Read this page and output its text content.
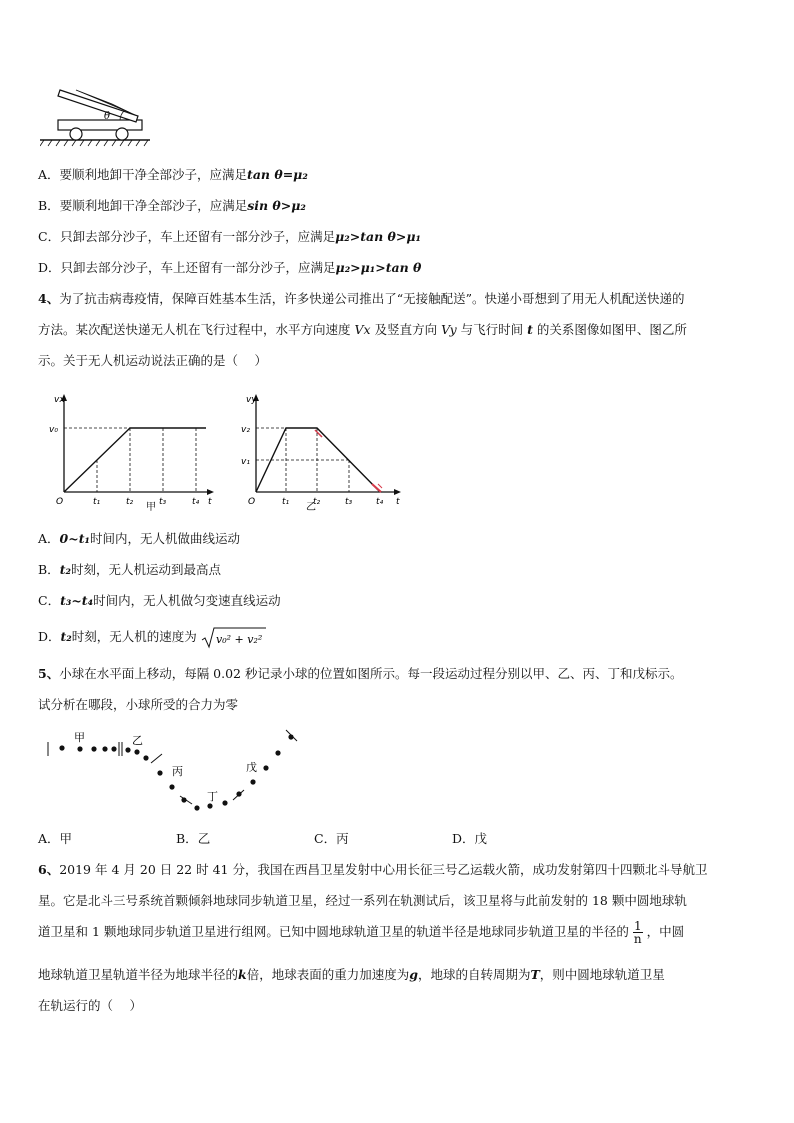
θ
A．要顺利地卸干净全部沙子，应满足tan θ=μ₂
B．要顺利地卸干净全部沙子，应满足sin θ>μ₂
C．只卸去部分沙子，车上还留有一部分沙子，应满足μ₂>tan θ>μ₁
D．只卸去部分沙子，车上还留有一部分沙子，应满足μ₂>μ₁>tan θ
4、为了抗击病毒疫情，保障百姓基本生活，许多快递公司推出了“无接触配送”。快递小哥想到了用无人机配送快递的
方法。某次配送快递无人机在飞行过程中，水平方向速度 Vx 及竖直方向 Vy 与飞行时间 t 的关系图像如图甲、图乙所
示。关于无人机运动说法正确的是（　 ）
vx
v₀
t
O	t₁	t₂	t₃	t₄
甲
vy
v₂
v₁
t
O	t₁	t₂	t₃	t₄
乙
A．0~t₁时间内，无人机做曲线运动
B．t₂时刻，无人机运动到最高点
C．t₃~t₄时间内，无人机做匀变速直线运动
D．t₂时刻，无人机的速度为 v₀² + v₂²
5、小球在水平面上移动，每隔 0.02 秒记录小球的位置如图所示。每一段运动过程分别以甲、乙、丙、丁和戊标示。
试分析在哪段，小球所受的合力为零
甲	乙
丙
丁
戊
A．甲	B．乙	C．丙	D．戊
6、2019 年 4 月 20 日 22 时 41 分，我国在西昌卫星发射中心用长征三号乙运载火箭，成功发射第四十四颗北斗导航卫
星。它是北斗三号系统首颗倾斜地球同步轨道卫星，经过一系列在轨测试后，该卫星将与此前发射的 18 颗中圆地球轨
道卫星和 1 颗地球同步轨道卫星进行组网。已知中圆地球轨道卫星的轨道半径是地球同步轨道卫星的半径的 $\frac{1}{n}$ ，中圆
地球轨道卫星轨道半径为地球半径的k倍，地球表面的重力加速度为g，地球的自转周期为T，则中圆地球轨道卫星
在轨运行的（　 ）
